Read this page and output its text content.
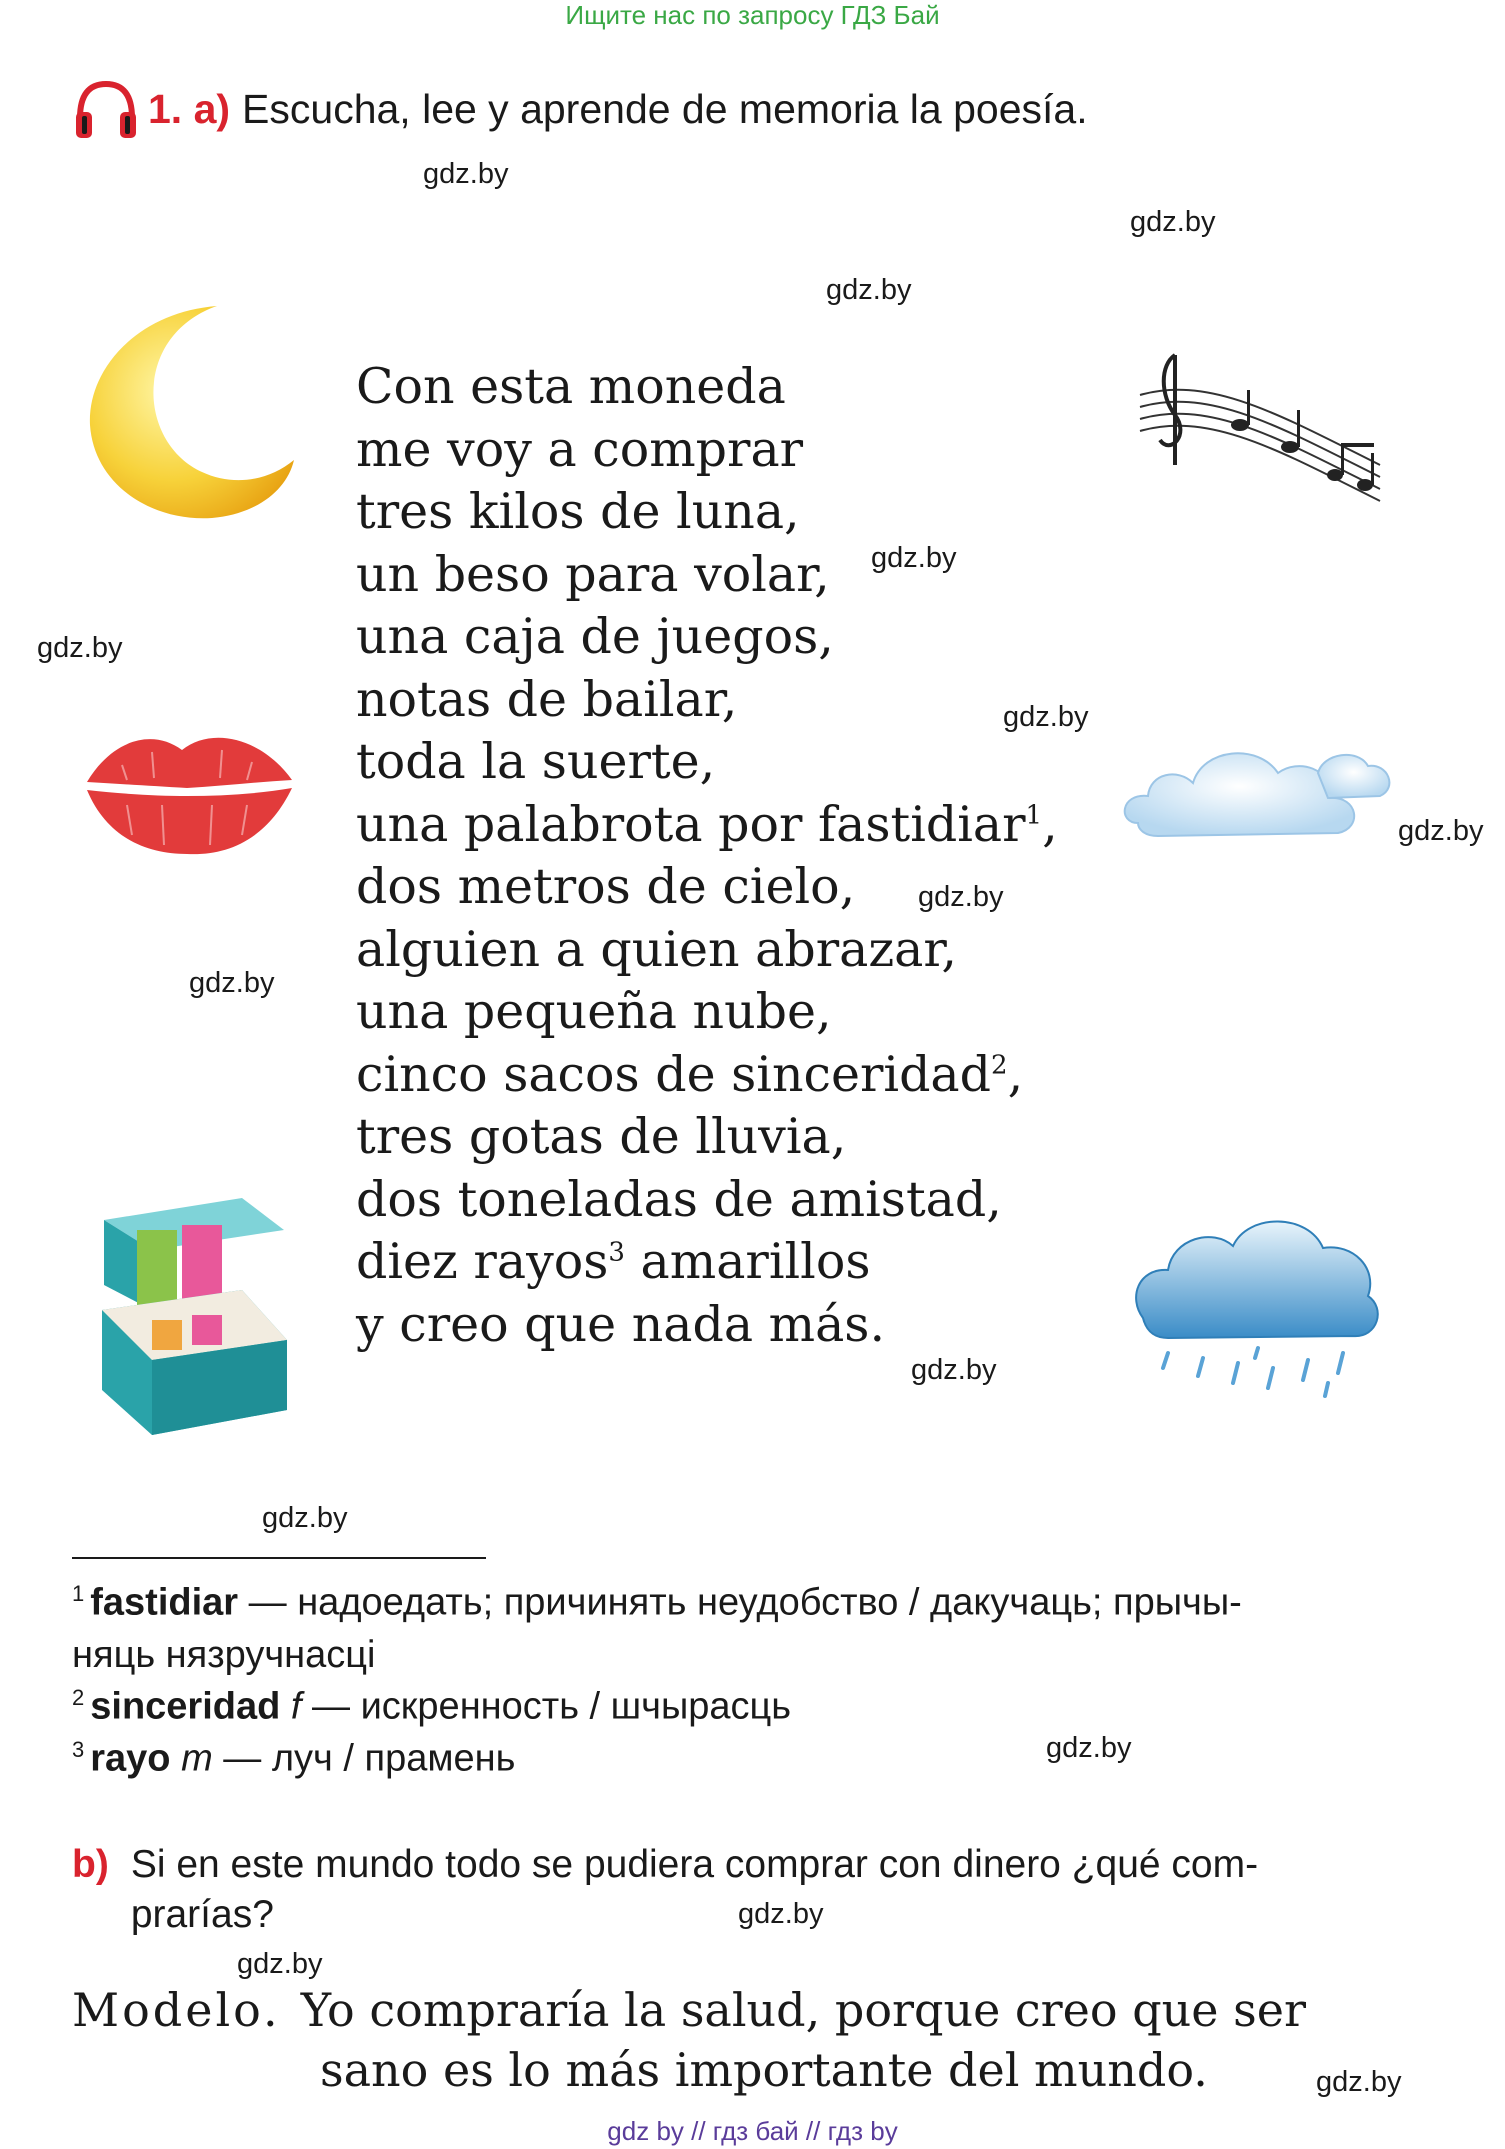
Ищите нас по запросу ГДЗ Бай
1. a) Escucha, lee y aprende de memoria la poesía.
gdz.by
gdz.by
gdz.by
gdz.by
gdz.by
gdz.by
gdz.by
gdz.by
gdz.by
gdz.by
gdz.by
gdz.by
gdz.by
gdz.by
gdz.by
Con esta moneda
me voy a comprar
tres kilos de luna,
un beso para volar,
una caja de juegos,
notas de bailar,
toda la suerte,
una palabrota por fastidiar$^1$,
dos metros de cielo,
alguien a quien abrazar,
una pequeña nube,
cinco sacos de sinceridad$^2$,
tres gotas de lluvia,
dos toneladas de amistad,
diez rayos$^3$ amarillos
y creo que nada más.
$^1$ fastidiar — надоедать; причинять неудобство / дакучаць; прычы-
няць нязручнасці
$^2$ sinceridad f — искренность / шчырасць
$^3$ rayo m — луч / прамень
b) Si en este mundo todo se pudiera comprar con dinero ¿qué com-prarías?
Modelo. Yo compraría la salud, porque creo que ser
sano es lo más importante del mundo.
gdz by // гдз бай // гдз by
